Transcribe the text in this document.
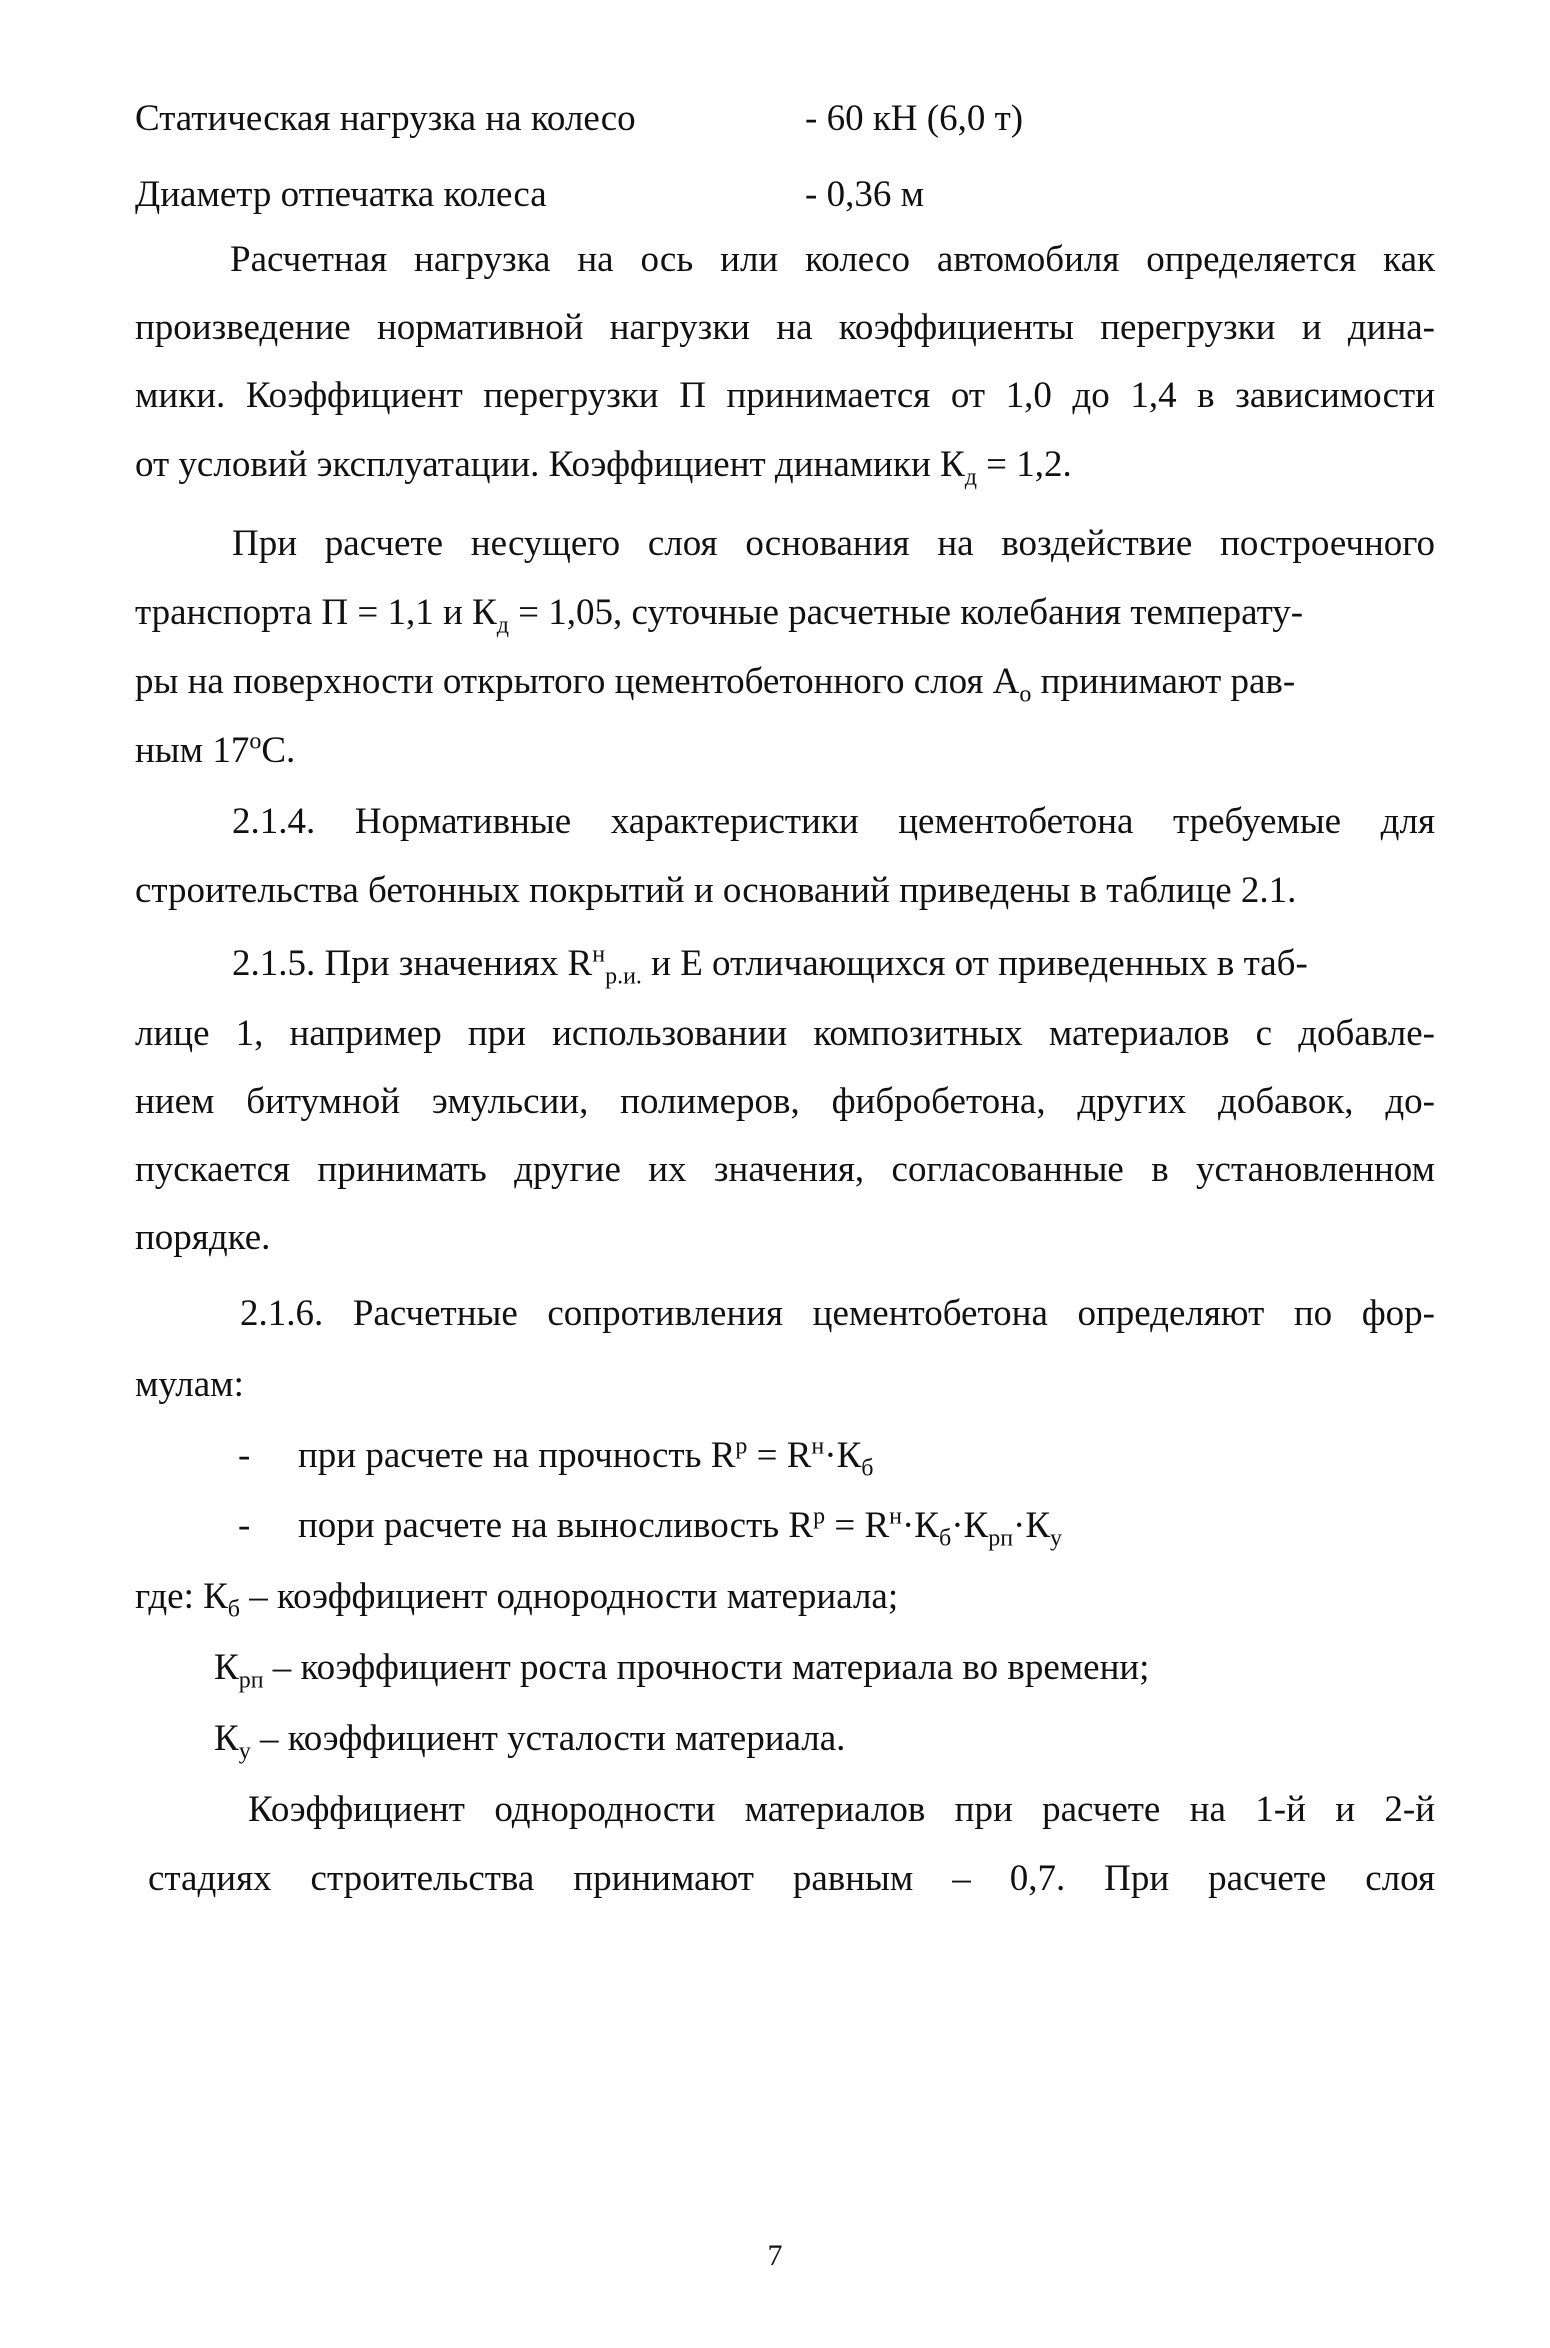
Статическая нагрузка на колесо	- 60 кН (6,0 т)
Диаметр отпечатка колеса	- 0,36 м
Расчетная нагрузка на ось или колесо автомобиля определяется как
произведение нормативной нагрузки на коэффициенты перегрузки и дина-
мики. Коэффициент перегрузки П принимается от 1,0 до 1,4 в зависимости
от условий эксплуатации. Коэффициент динамики $К_д = 1,2$.
При расчете несущего слоя основания на воздействие построечного
транспорта П = 1,1 и $К_д = 1,05$, суточные расчетные колебания температу-
ры на поверхности открытого цементобетонного слоя $А_о$ принимают рав-
ным $17^оС$.
2.1.4. Нормативные характеристики цементобетона требуемые для
строительства бетонных покрытий и оснований приведены в таблице 2.1.
2.1.5. При значениях $R^н_{р.и.}$ и Е отличающихся от приведенных в таб-
лице 1, например при использовании композитных материалов с добавле-
нием битумной эмульсии, полимеров, фибробетона, других добавок, до-
пускается принимать другие их значения, согласованные в установленном
порядке.
2.1.6. Расчетные сопротивления цементобетона определяют по фор-
мулам:
-	при расчете на прочность $R^р = R^н\cdot К_б$
-	пори расчете на выносливость $R^р = R^н\cdot К_б\cdot К_{рп}\cdot К_у$
где: $К_б$ – коэффициент однородности материала;
$К_{рп}$ – коэффициент роста прочности материала во времени;
$К_у$ – коэффициент усталости материала.
Коэффициент однородности материалов при расчете на 1-й и 2-й
стадиях строительства принимают равным – 0,7. При расчете слоя
7
